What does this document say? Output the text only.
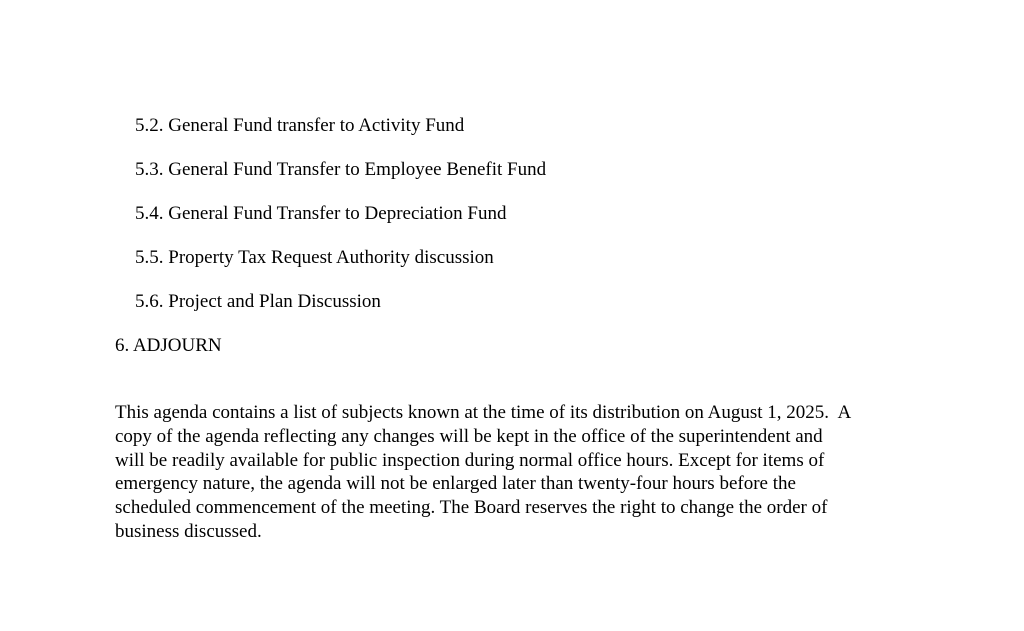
5.2. General Fund transfer to Activity Fund
5.3. General Fund Transfer to Employee Benefit Fund
5.4. General Fund Transfer to Depreciation Fund
5.5. Property Tax Request Authority discussion
5.6. Project and Plan Discussion
6. ADJOURN

This agenda contains a list of subjects known at the time of its distribution on August 1, 2025.  A
copy of the agenda reflecting any changes will be kept in the office of the superintendent and
will be readily available for public inspection during normal office hours. Except for items of
emergency nature, the agenda will not be enlarged later than twenty-four hours before the
scheduled commencement of the meeting. The Board reserves the right to change the order of
business discussed.
